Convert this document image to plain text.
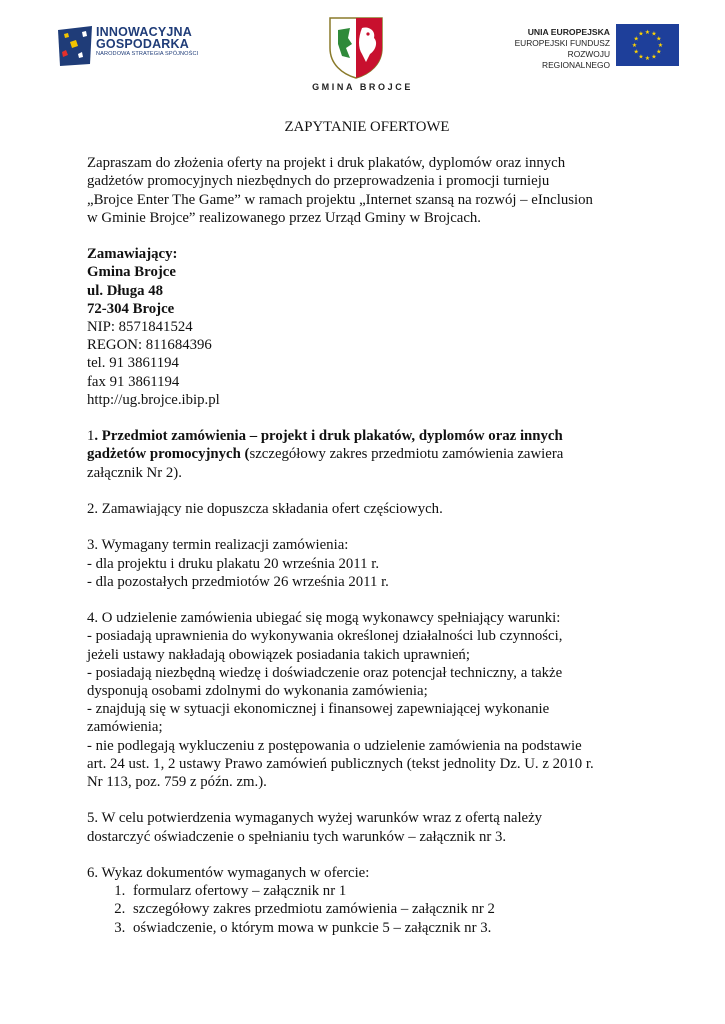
INNOWACYJNA
GOSPODARKA
NARODOWA STRATEGIA SPÓJNOŚCI
GMINA BROJCE
UNIA EUROPEJSKA
EUROPEJSKI FUNDUSZ
ROZWOJU REGIONALNEGO
★
★
★
★
★
★
★
★
★ ★ ★
★
ZAPYTANIE OFERTOWE

Zapraszam do złożenia oferty na projekt i druk plakatów, dyplomów oraz innych

gadżetów promocyjnych niezbędnych do przeprowadzenia i promocji turnieju

„Brojce Enter The Game” w ramach projektu „Internet szansą na rozwój – eInclusion

w Gminie Brojce” realizowanego przez Urząd Gminy w Brojcach.

Zamawiający:

Gmina Brojce

ul. Długa 48

72-304 Brojce

NIP: 8571841524

REGON: 811684396

tel. 91 3861194

fax 91 3861194

http://ug.brojce.ibip.pl

1. Przedmiot zamówienia – projekt i druk plakatów, dyplomów oraz innych

gadżetów promocyjnych (szczegółowy zakres przedmiotu zamówienia zawiera

załącznik Nr 2).

2. Zamawiający nie dopuszcza składania ofert częściowych.

3. Wymagany termin realizacji zamówienia:

- dla projektu i druku plakatu 20 września 2011 r.

- dla pozostałych przedmiotów 26 września 2011 r.

4. O udzielenie zamówienia ubiegać się mogą wykonawcy spełniający warunki:

- posiadają uprawnienia do wykonywania określonej działalności lub czynności,

jeżeli ustawy nakładają obowiązek posiadania takich uprawnień;

- posiadają niezbędną wiedzę i doświadczenie oraz potencjał techniczny, a także

dysponują osobami zdolnymi do wykonania zamówienia;

- znajdują się w sytuacji ekonomicznej i finansowej zapewniającej wykonanie

zamówienia;

- nie podlegają wykluczeniu z postępowania o udzielenie zamówienia na podstawie

art. 24 ust. 1, 2 ustawy Prawo zamówień publicznych (tekst jednolity Dz. U. z 2010 r.

Nr 113, poz. 759 z późn. zm.).

5. W celu potwierdzenia wymaganych wyżej warunków wraz z ofertą należy

dostarczyć oświadczenie o spełnianiu tych warunków – załącznik nr 3.

6. Wykaz dokumentów wymaganych w ofercie:

1. formularz ofertowy – załącznik nr 1
2. szczegółowy zakres przedmiotu zamówienia – załącznik nr 2
3. oświadczenie, o którym mowa w punkcie 5 – załącznik nr 3.
